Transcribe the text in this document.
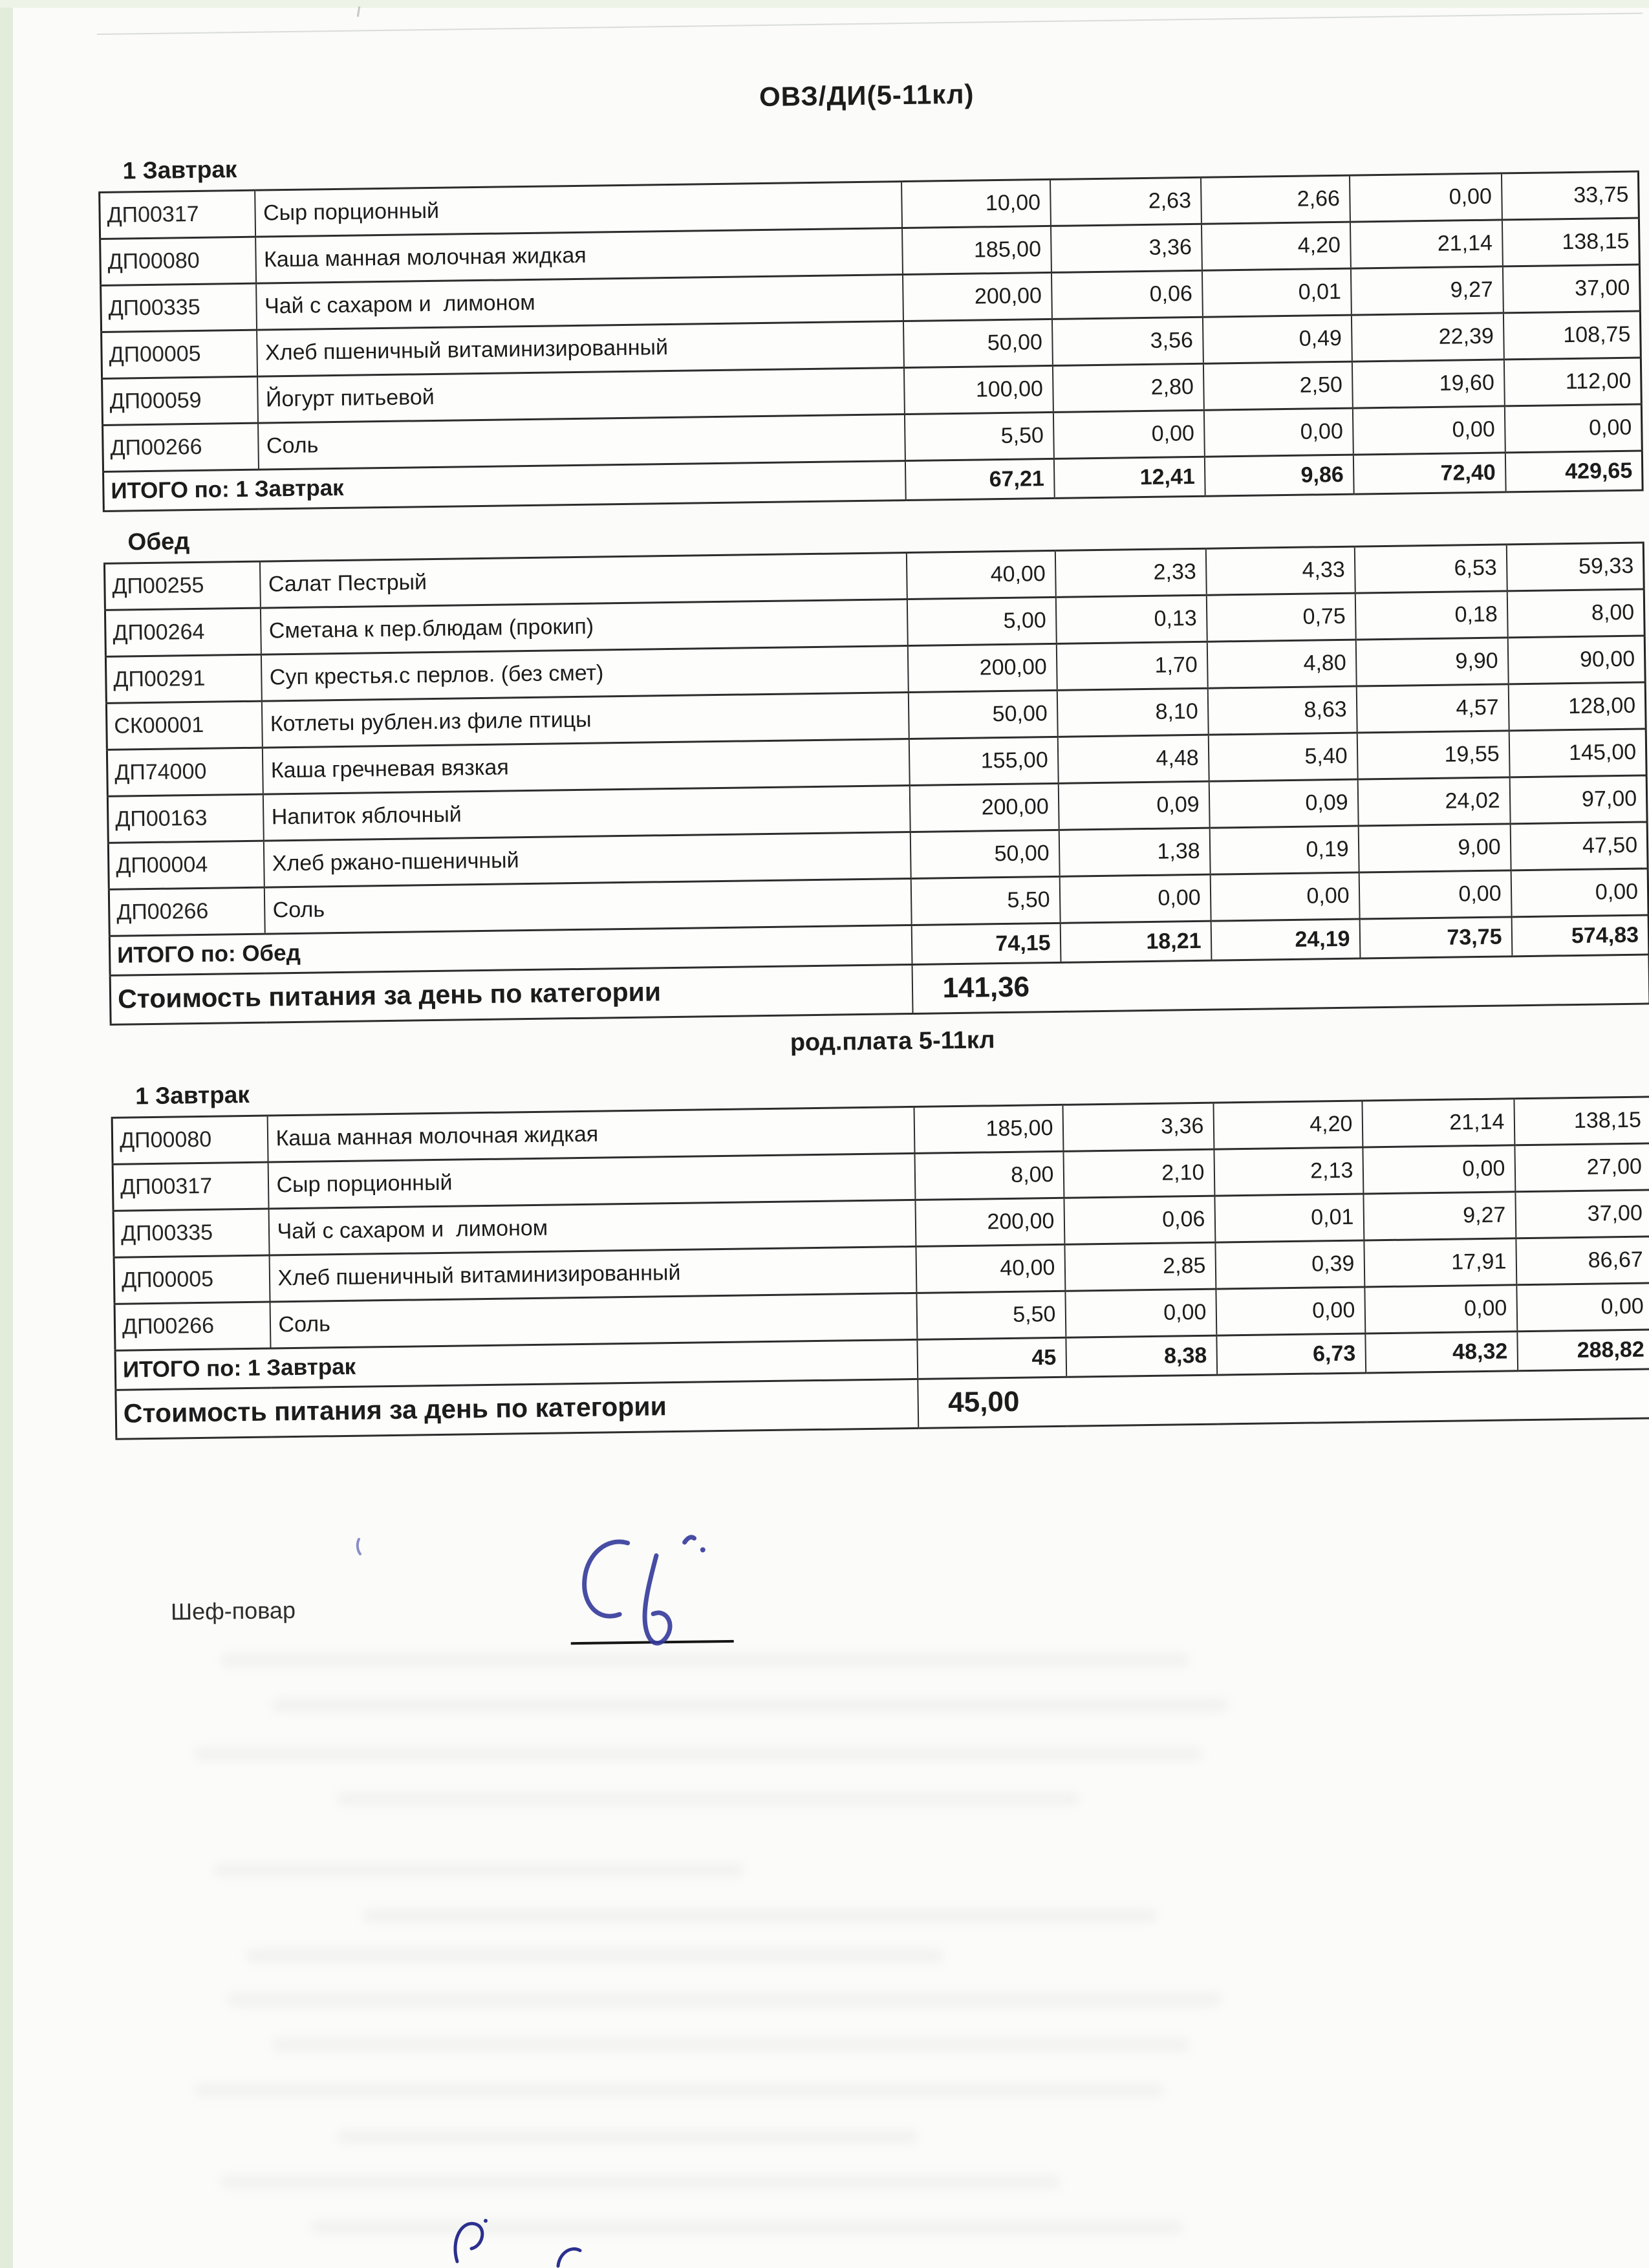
ОВЗ/ДИ(5-11кл)
1 Завтрак
ДП00317	Сыр порционный	10,00	2,63	2,66	0,00	33,75
ДП00080	Каша манная молочная жидкая	185,00	3,36	4,20	21,14	138,15
ДП00335	Чай с сахаром и  лимоном	200,00	0,06	0,01	9,27	37,00
ДП00005	Хлеб пшеничный витаминизированный	50,00	3,56	0,49	22,39	108,75
ДП00059	Йогурт питьевой	100,00	2,80	2,50	19,60	112,00
ДП00266	Соль	5,50	0,00	0,00	0,00	0,00
ИТОГО по: 1 Завтрак		67,21	12,41	9,86	72,40	429,65
Обед
ДП00255	Салат Пестрый	40,00	2,33	4,33	6,53	59,33
ДП00264	Сметана к пер.блюдам (прокип)	5,00	0,13	0,75	0,18	8,00
ДП00291	Суп крестья.с перлов. (без смет)	200,00	1,70	4,80	9,90	90,00
СК00001	Котлеты рублен.из филе птицы	50,00	8,10	8,63	4,57	128,00
ДП74000	Каша гречневая вязкая	155,00	4,48	5,40	19,55	145,00
ДП00163	Напиток яблочный	200,00	0,09	0,09	24,02	97,00
ДП00004	Хлеб ржано-пшеничный	50,00	1,38	0,19	9,00	47,50
ДП00266	Соль	5,50	0,00	0,00	0,00	0,00
ИТОГО по: Обед		74,15	18,21	24,19	73,75	574,83
Стоимость питания за день по категории		141,36				
род.плата 5-11кл
1 Завтрак
ДП00080	Каша манная молочная жидкая	185,00	3,36	4,20	21,14	138,15
ДП00317	Сыр порционный	8,00	2,10	2,13	0,00	27,00
ДП00335	Чай с сахаром и  лимоном	200,00	0,06	0,01	9,27	37,00
ДП00005	Хлеб пшеничный витаминизированный	40,00	2,85	0,39	17,91	86,67
ДП00266	Соль	5,50	0,00	0,00	0,00	0,00
ИТОГО по: 1 Завтрак		45	8,38	6,73	48,32	288,82
Стоимость питания за день по категории		45,00				
Шеф-повар
